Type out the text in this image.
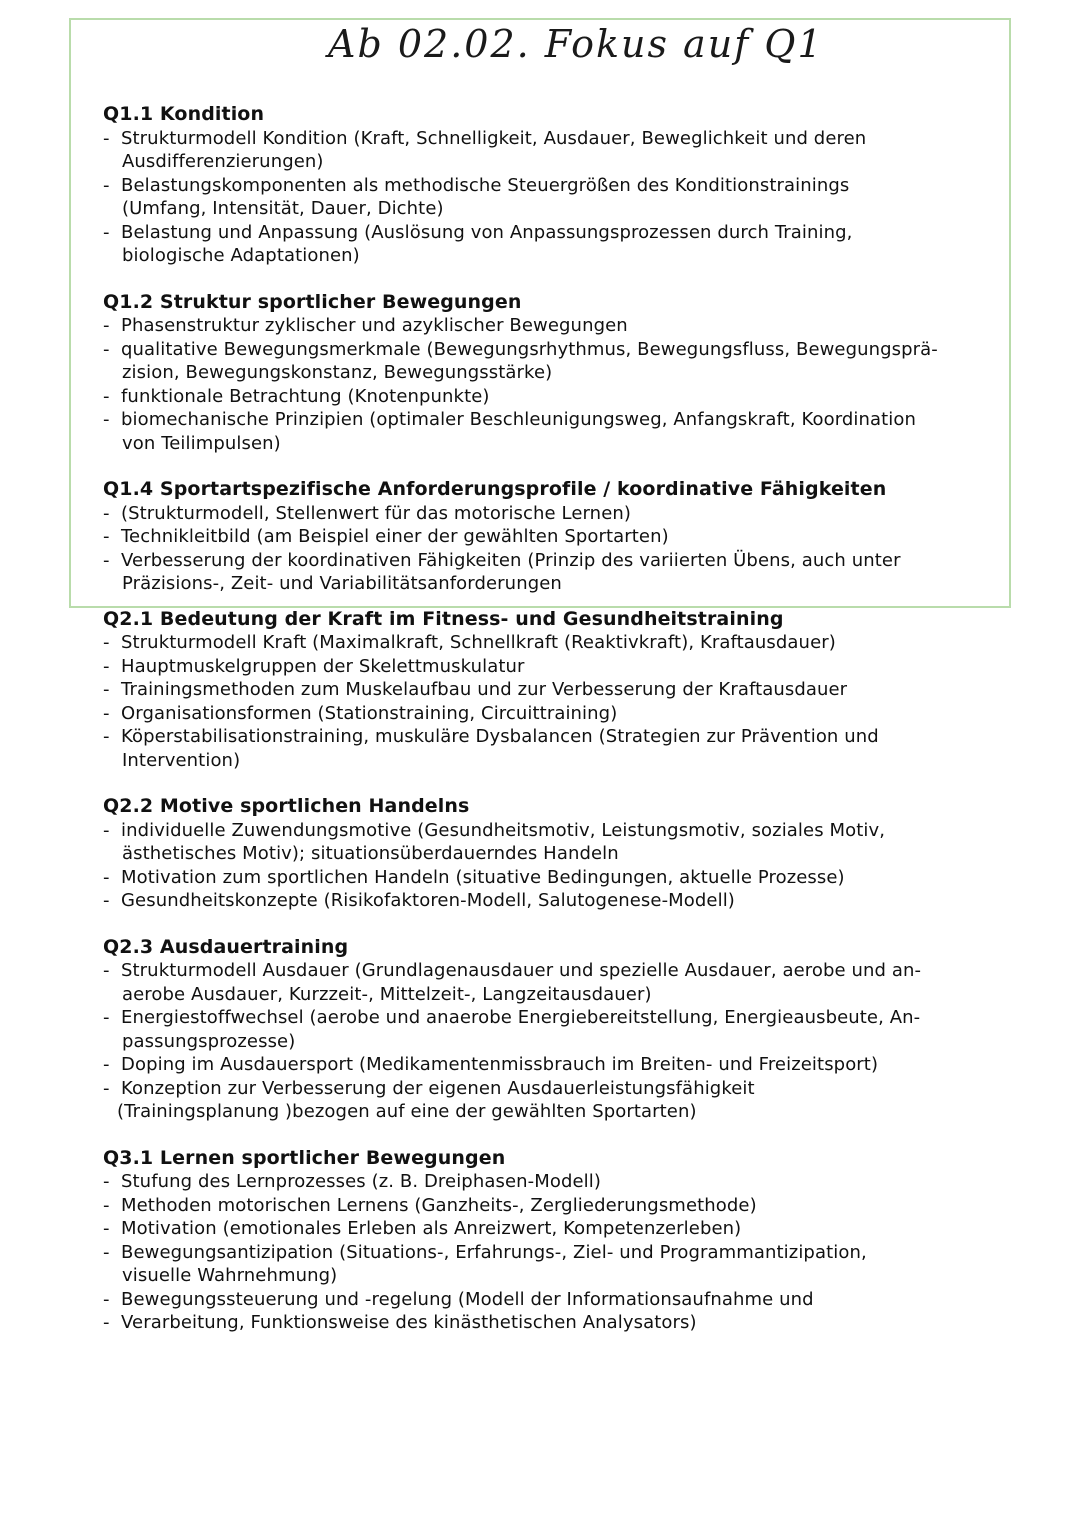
Ab 02.02. Fokus auf Q1
Q1.1 Kondition
- Strukturmodell Kondition (Kraft, Schnelligkeit, Ausdauer, Beweglichkeit und deren
Ausdifferenzierungen)
- Belastungskomponenten als methodische Steuergrößen des Konditionstrainings
(Umfang, Intensität, Dauer, Dichte)
- Belastung und Anpassung (Auslösung von Anpassungsprozessen durch Training,
biologische Adaptationen)
Q1.2 Struktur sportlicher Bewegungen
- Phasenstruktur zyklischer und azyklischer Bewegungen
- qualitative Bewegungsmerkmale (Bewegungsrhythmus, Bewegungsfluss, Bewegungsprä-
zision, Bewegungskonstanz, Bewegungsstärke)
- funktionale Betrachtung (Knotenpunkte)
- biomechanische Prinzipien (optimaler Beschleunigungsweg, Anfangskraft, Koordination
von Teilimpulsen)
Q1.4 Sportartspezifische Anforderungsprofile / koordinative Fähigkeiten
- (Strukturmodell, Stellenwert für das motorische Lernen)
- Technikleitbild (am Beispiel einer der gewählten Sportarten)
- Verbesserung der koordinativen Fähigkeiten (Prinzip des variierten Übens, auch unter
Präzisions-, Zeit- und Variabilitätsanforderungen
Q2.1 Bedeutung der Kraft im Fitness- und Gesundheitstraining
- Strukturmodell Kraft (Maximalkraft, Schnellkraft (Reaktivkraft), Kraftausdauer)
- Hauptmuskelgruppen der Skelettmuskulatur
- Trainingsmethoden zum Muskelaufbau und zur Verbesserung der Kraftausdauer
- Organisationsformen (Stationstraining, Circuittraining)
- Köperstabilisationstraining, muskuläre Dysbalancen (Strategien zur Prävention und
Intervention)
Q2.2 Motive sportlichen Handelns
- individuelle Zuwendungsmotive (Gesundheitsmotiv, Leistungsmotiv, soziales Motiv,
ästhetisches Motiv); situationsüberdauerndes Handeln
- Motivation zum sportlichen Handeln (situative Bedingungen, aktuelle Prozesse)
- Gesundheitskonzepte (Risikofaktoren-Modell, Salutogenese-Modell)
Q2.3 Ausdauertraining
- Strukturmodell Ausdauer (Grundlagenausdauer und spezielle Ausdauer, aerobe und an-
aerobe Ausdauer, Kurzzeit-, Mittelzeit-, Langzeitausdauer)
- Energiestoffwechsel (aerobe und anaerobe Energiebereitstellung, Energieausbeute, An-
passungsprozesse)
- Doping im Ausdauersport (Medikamentenmissbrauch im Breiten- und Freizeitsport)
- Konzeption zur Verbesserung der eigenen Ausdauerleistungsfähigkeit
(Trainingsplanung )bezogen auf eine der gewählten Sportarten)
Q3.1 Lernen sportlicher Bewegungen
- Stufung des Lernprozesses (z. B. Dreiphasen-Modell)
- Methoden motorischen Lernens (Ganzheits-, Zergliederungsmethode)
- Motivation (emotionales Erleben als Anreizwert, Kompetenzerleben)
- Bewegungsantizipation (Situations-, Erfahrungs-, Ziel- und Programmantizipation,
visuelle Wahrnehmung)
- Bewegungssteuerung und -regelung (Modell der Informationsaufnahme und
- Verarbeitung, Funktionsweise des kinästhetischen Analysators)
